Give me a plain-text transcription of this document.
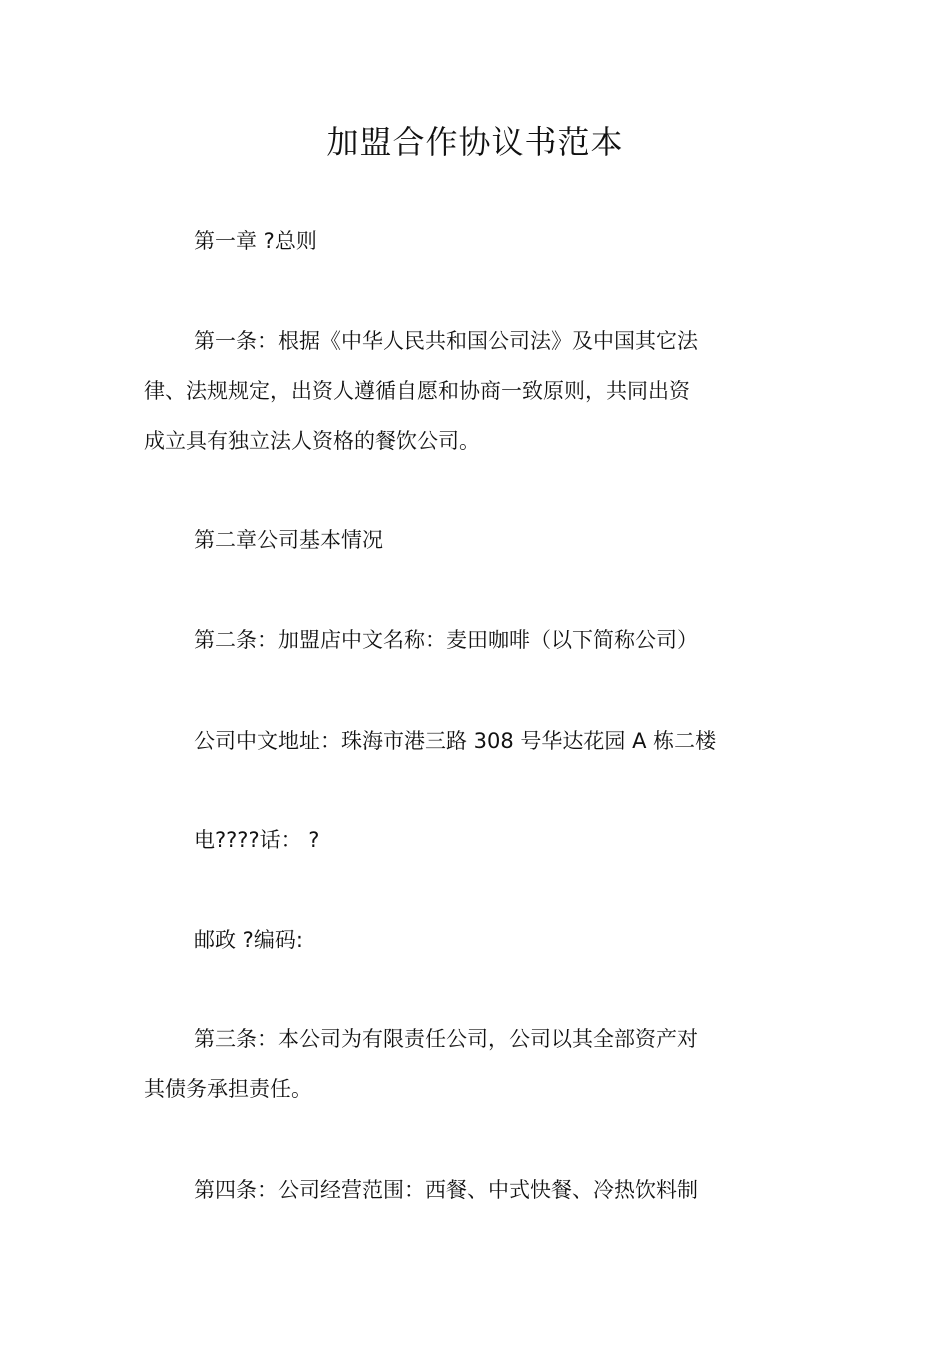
加盟合作协议书范本
第一章 ?总则
第一条：根据《中华人民共和国公司法》及中国其它法
律、法规规定，出资人遵循自愿和协商一致原则，共同出资
成立具有独立法人资格的餐饮公司。
第二章公司基本情况
第二条：加盟店中文名称：麦田咖啡（以下简称公司）
公司中文地址：珠海市港三路 308 号华达花园 A 栋二楼
电????话： ?
邮政 ?编码:
第三条：本公司为有限责任公司，公司以其全部资产对
其债务承担责任。
第四条：公司经营范围：西餐、中式快餐、冷热饮料制
